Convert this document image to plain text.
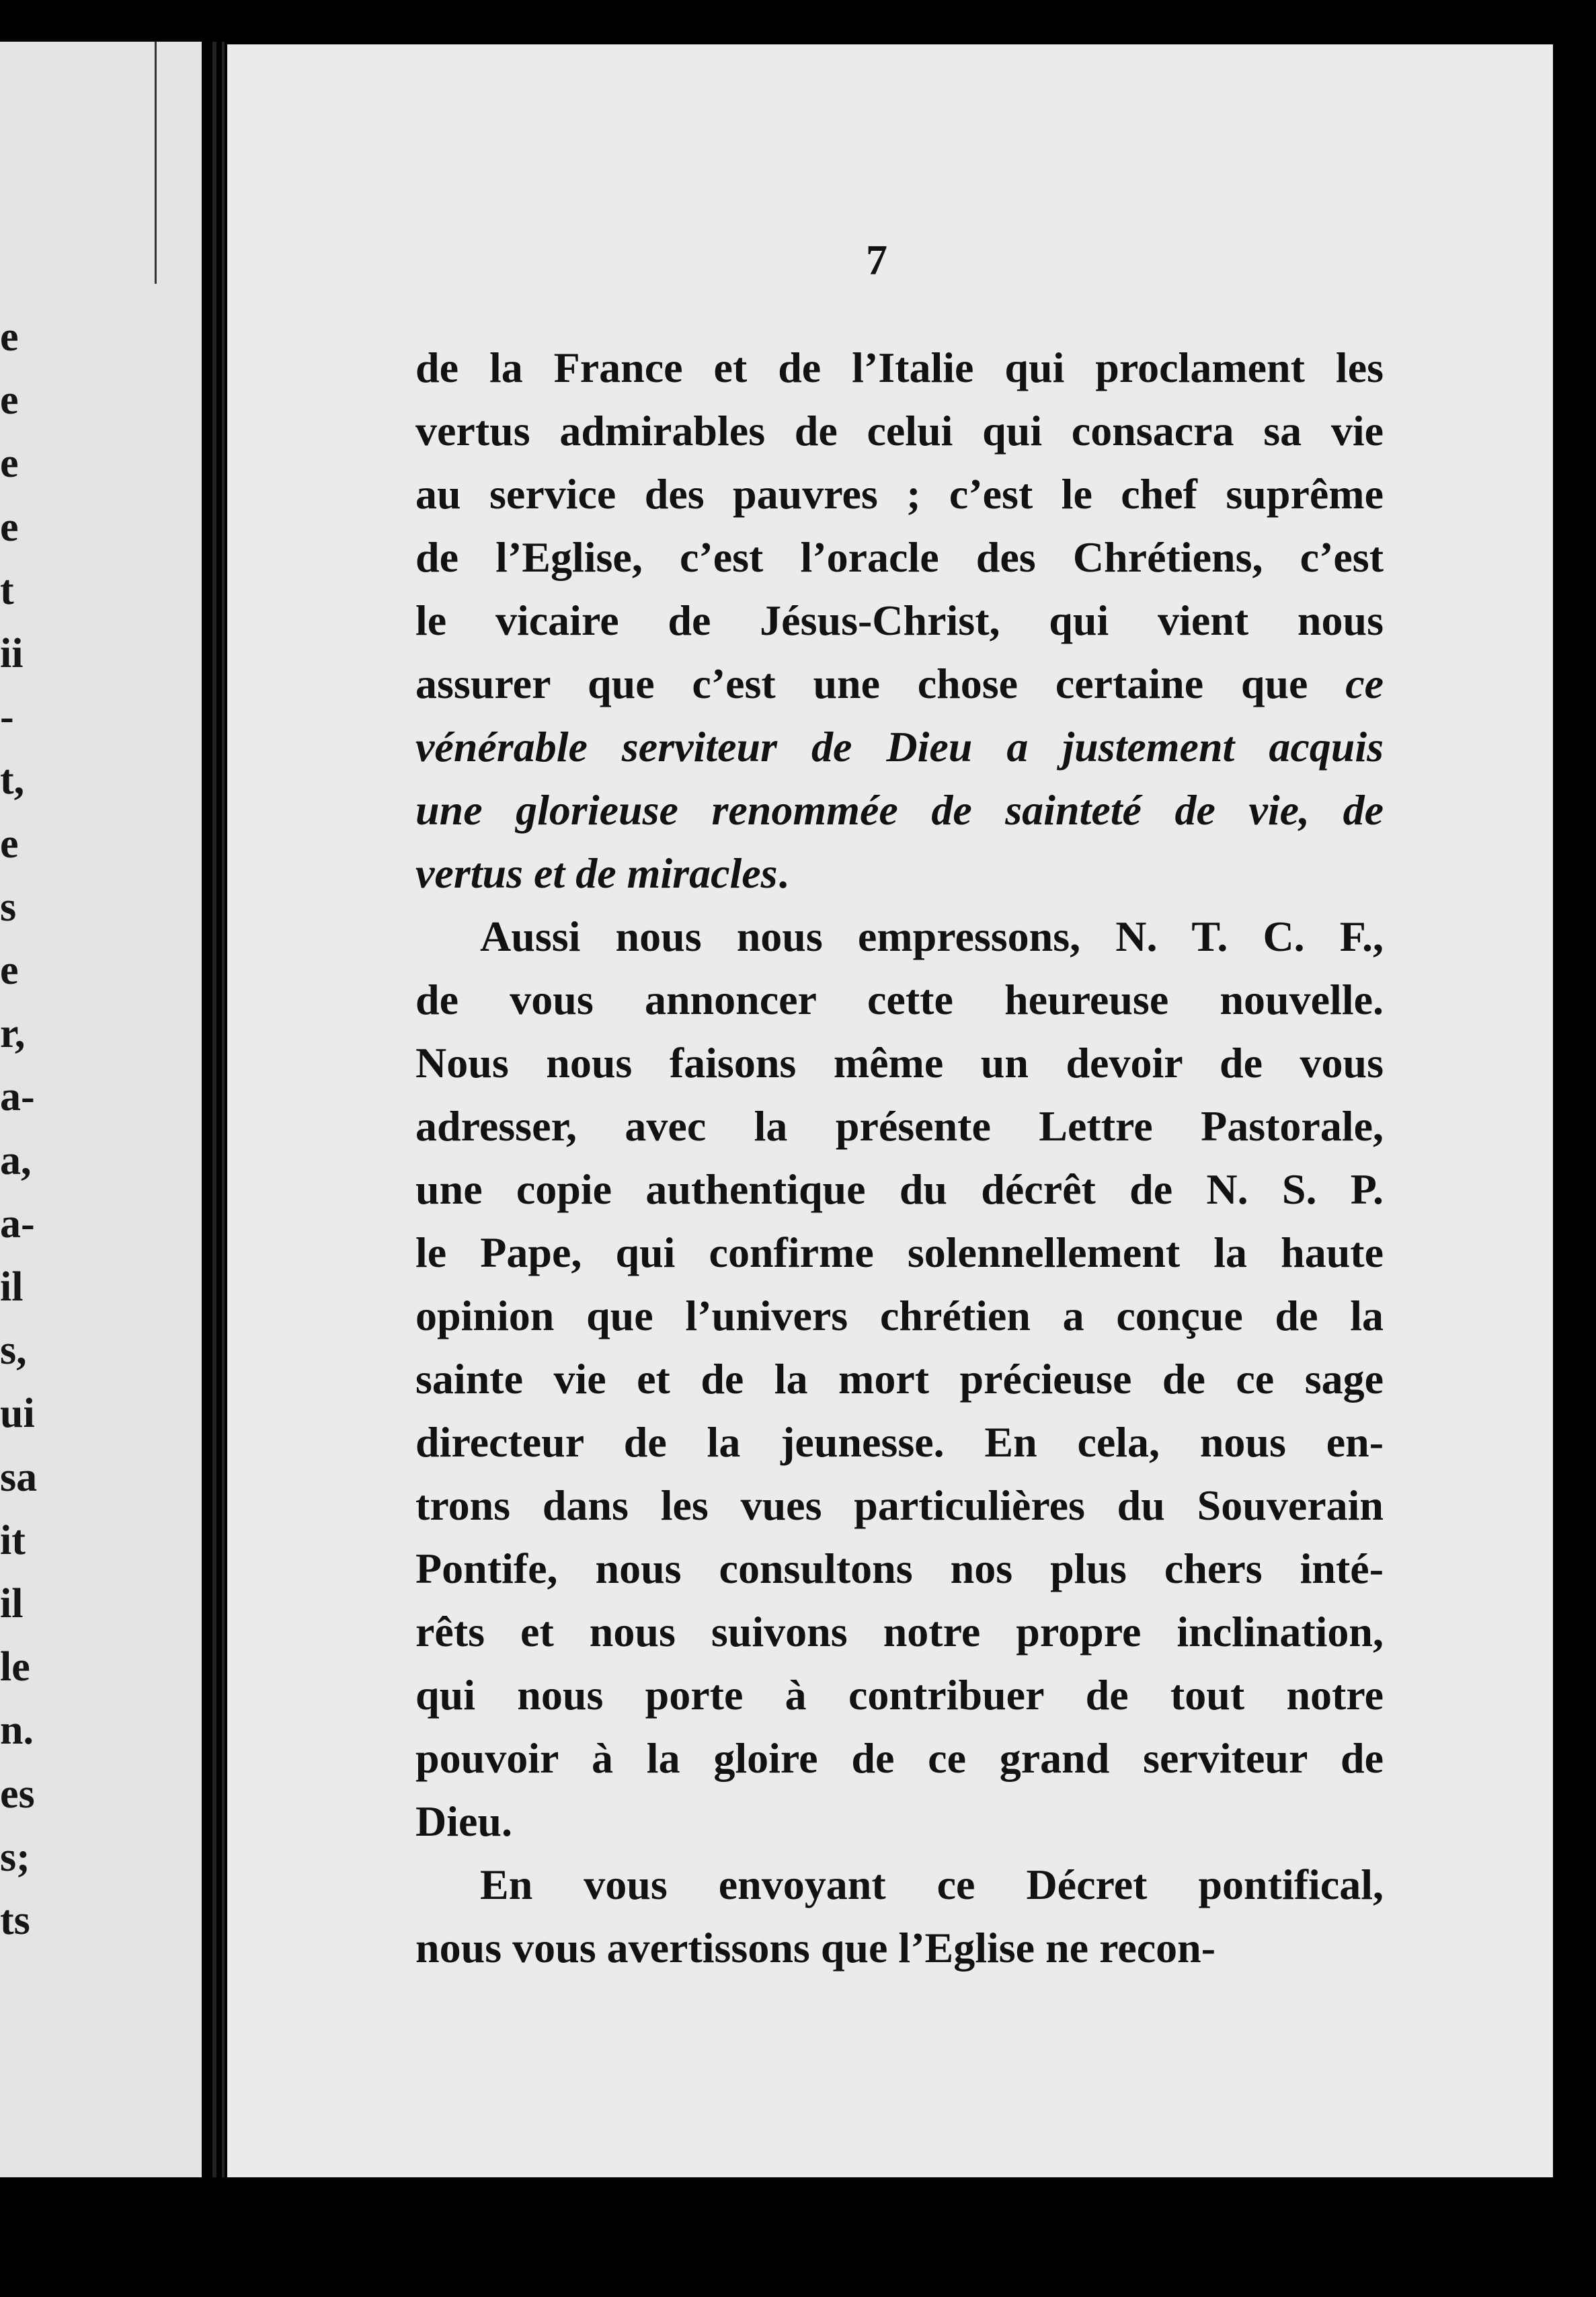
e
e
e
e
t
ii
-
t,
e
s
e
r,
a-
a,
a-
il
s,
ui
sa
it
il
le
n.
es
s;
ts
7
de la France et de l’Italie qui proclament les
vertus admirables de celui qui consacra sa vie
au service des pauvres ; c’est le chef suprême
de l’Eglise, c’est l’oracle des Chrétiens, c’est
le vicaire de Jésus-Christ, qui vient nous
assurer que c’est une chose certaine que ce
vénérable serviteur de Dieu a justement acquis
une glorieuse renommée de sainteté de vie, de
vertus et de miracles.
Aussi nous nous empressons, N. T. C. F.,
de vous annoncer cette heureuse nouvelle.
Nous nous faisons même un devoir de vous
adresser, avec la présente Lettre Pastorale,
une copie authentique du décrêt de N. S. P.
le Pape, qui confirme solennellement la haute
opinion que l’univers chrétien a conçue de la
sainte vie et de la mort précieuse de ce sage
directeur de la jeunesse. En cela, nous en-
trons dans les vues particulières du Souverain
Pontife, nous consultons nos plus chers inté-
rêts et nous suivons notre propre inclination,
qui nous porte à contribuer de tout notre
pouvoir à la gloire de ce grand serviteur de
Dieu.
En vous envoyant ce Décret pontifical,
nous vous avertissons que l’Eglise ne recon-
